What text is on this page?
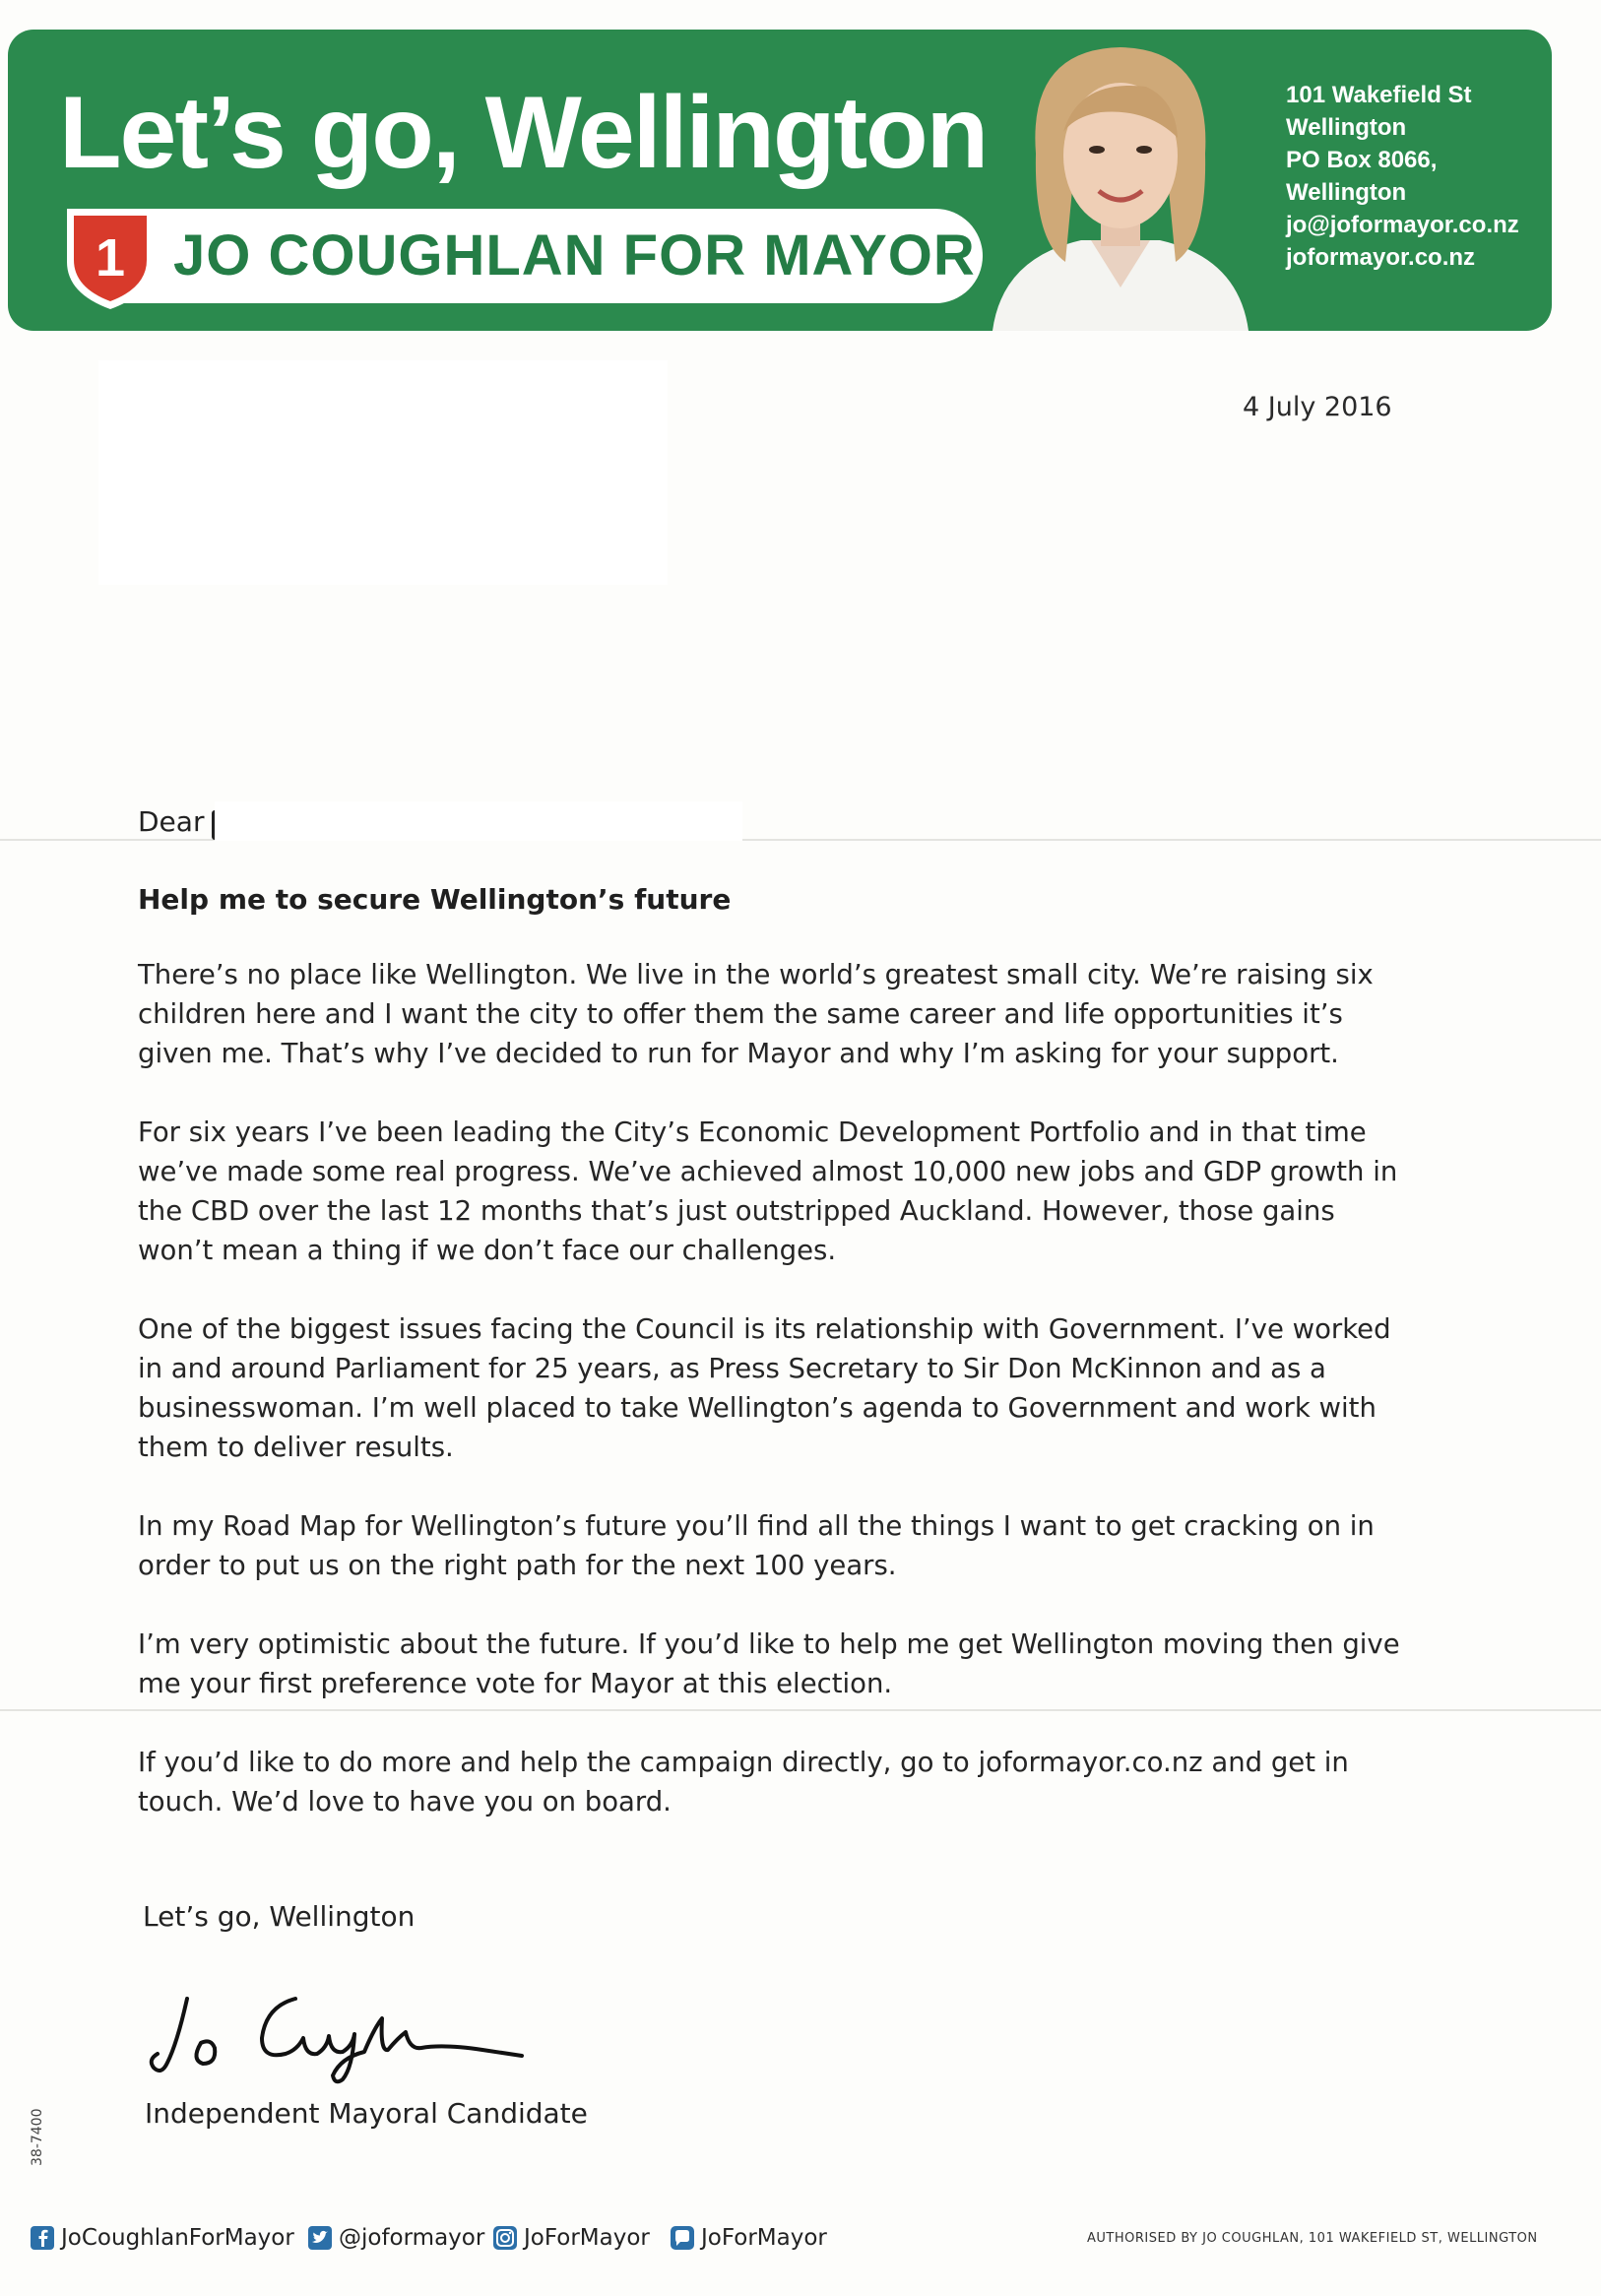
Let’s go, Wellington
1 JO COUGHLAN FOR MAYOR
101 Wakefield St
Wellington
PO Box 8066,
Wellington
jo@joformayor.co.nz
joformayor.co.nz
4 July 2016
Dear
Help me to secure Wellington’s future

There’s no place like Wellington. We live in the world’s greatest small city. We’re raising six children here and I want the city to offer them the same career and life opportunities it’s given me. That’s why I’ve decided to run for Mayor and why I’m asking for your support.

For six years I’ve been leading the City’s Economic Development Portfolio and in that time we’ve made some real progress. We’ve achieved almost 10,000 new jobs and GDP growth in the CBD over the last 12 months that’s just outstripped Auckland. However, those gains won’t mean a thing if we don’t face our challenges.

One of the biggest issues facing the Council is its relationship with Government. I’ve worked in and around Parliament for 25 years, as Press Secretary to Sir Don McKinnon and as a businesswoman. I’m well placed to take Wellington’s agenda to Government and work with them to deliver results.

In my Road Map for Wellington’s future you’ll find all the things I want to get cracking on in order to put us on the right path for the next 100 years.

I’m very optimistic about the future. If you’d like to help me get Wellington moving then give me your first preference vote for Mayor at this election.

If you’d like to do more and help the campaign directly, go to joformayor.co.nz and get in touch. We’d love to have you on board.

Let’s go, Wellington
Independent Mayoral Candidate
38-7400
JoCoughlanForMayor @joformayor JoForMayor JoForMayor	AUTHORISED BY JO COUGHLAN, 101 WAKEFIELD ST, WELLINGTON
